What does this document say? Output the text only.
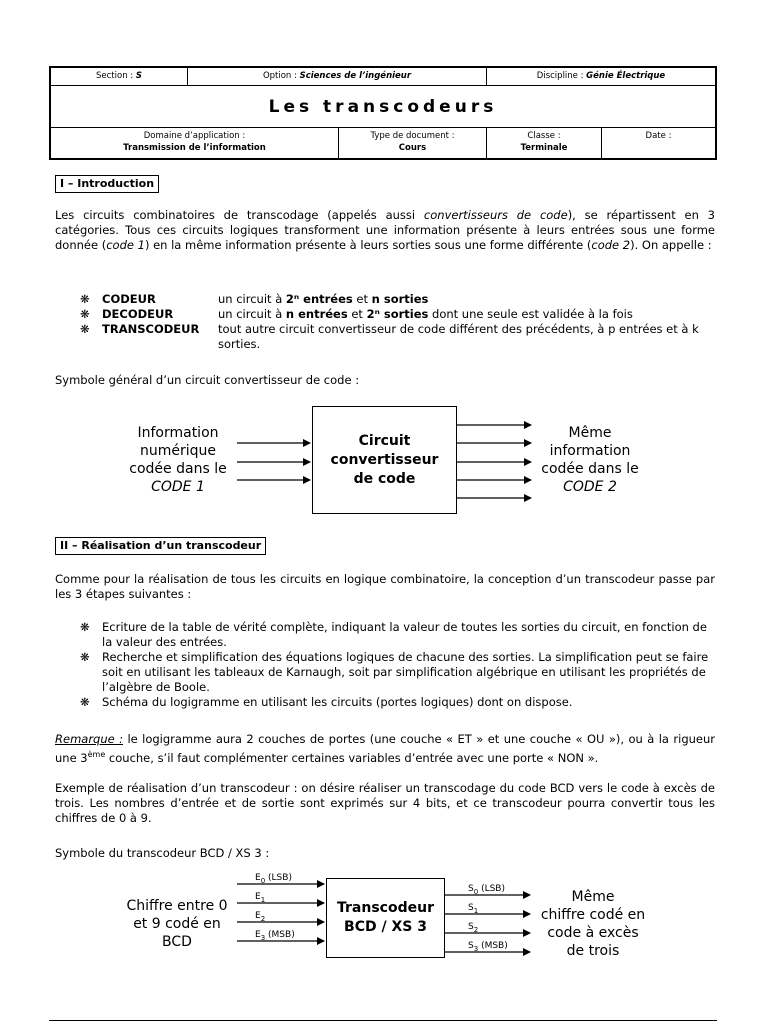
Section : S	Option : Sciences de l’ingénieur	Discipline : Génie Électrique
Les transcodeurs
Domaine d’application :
Transmission de l’information
Type de document :
Cours
Classe :
Terminale
Date :
I – Introduction

Les circuits combinatoires de transcodage (appelés aussi convertisseurs de code), se répartissent en 3 catégories. Tous ces circuits logiques transforment une information présente à leurs entrées sous une forme donnée (code 1) en la même information présente à leurs sorties sous une forme différente (code 2). On appelle :

❋	CODEUR	un circuit à 2ⁿ entrées et n sorties
❋	DECODEUR	un circuit à n entrées et 2ⁿ sorties dont une seule est validée à la fois
❋	TRANSCODEUR	tout autre circuit convertisseur de code différent des précédents, à p entrées et à k sorties.

Symbole général d’un circuit convertisseur de code :

Circuit
convertisseur
de code
Information
numérique
codée dans le
CODE 1
Même
information
codée dans le
CODE 2
II – Réalisation d’un transcodeur

Comme pour la réalisation de tous les circuits en logique combinatoire, la conception d’un transcodeur passe par les 3 étapes suivantes :

❋	Ecriture de la table de vérité complète, indiquant la valeur de toutes les sorties du circuit, en fonction de la valeur des entrées.
❋	Recherche et simplification des équations logiques de chacune des sorties. La simplification peut se faire soit en utilisant les tableaux de Karnaugh, soit par simplification algébrique en utilisant les propriétés de l’algèbre de Boole.
❋	Schéma du logigramme en utilisant les circuits (portes logiques) dont on dispose.

Remarque : le logigramme aura 2 couches de portes (une couche « ET » et une couche « OU »), ou à la rigueur une 3ème couche, s’il faut complémenter certaines variables d’entrée avec une porte « NON ».

Exemple de réalisation d’un transcodeur : on désire réaliser un transcodage du code BCD vers le code à excès de trois. Les nombres d’entrée et de sortie sont exprimés sur 4 bits, et ce transcodeur pourra convertir tous les chiffres de 0 à 9.

Symbole du transcodeur BCD / XS 3 :

Transcodeur
BCD / XS 3
Chiffre entre 0
et 9 codé en
BCD
Même
chiffre codé en
code à excès
de trois
$E_0$ (LSB)
$E_1$
$E_2$
$E_3$ (MSB)
$S_0$ (LSB)
$S_1$
$S_2$
$S_3$ (MSB)
